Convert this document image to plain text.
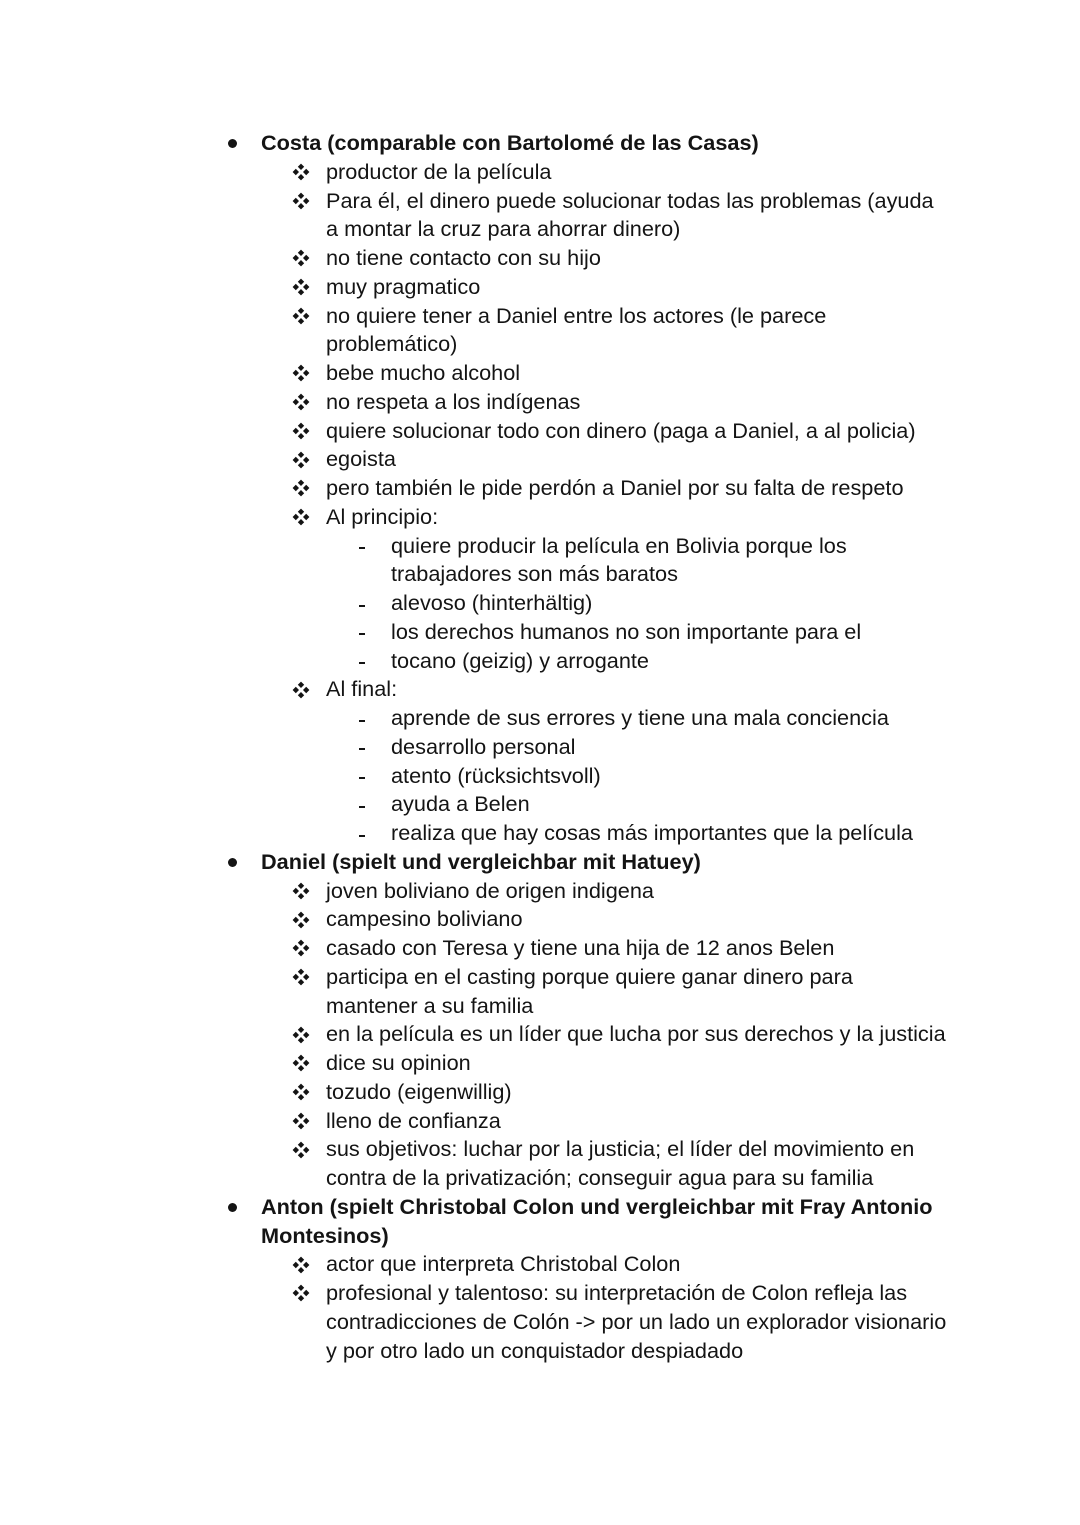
Costa (comparable con Bartolomé de las Casas)
productor de la película
Para él, el dinero puede solucionar todas las problemas (ayuda
a montar la cruz para ahorrar dinero)
no tiene contacto con su hijo
muy pragmatico
no quiere tener a Daniel entre los actores (le parece
problemático)
bebe mucho alcohol
no respeta a los indígenas
quiere solucionar todo con dinero (paga a Daniel, a al policia)
egoista
pero también le pide perdón a Daniel por su falta de respeto
Al principio:
quiere producir la película en Bolivia porque los
trabajadores son más baratos
alevoso (hinterhältig)
los derechos humanos no son importante para el
tocano (geizig) y arrogante
Al final:
aprende de sus errores y tiene una mala conciencia
desarrollo personal
atento (rücksichtsvoll)
ayuda a Belen
realiza que hay cosas más importantes que la película
Daniel (spielt und vergleichbar mit Hatuey)
joven boliviano de origen indigena
campesino boliviano
casado con Teresa y tiene una hija de 12 anos Belen
participa en el casting porque quiere ganar dinero para
mantener a su familia
en la película es un líder que lucha por sus derechos y la justicia
dice su opinion
tozudo (eigenwillig)
lleno de confianza
sus objetivos: luchar por la justicia; el líder del movimiento en
contra de la privatización; conseguir agua para su familia
Anton (spielt Christobal Colon und vergleichbar mit Fray Antonio
Montesinos)
actor que interpreta Christobal Colon
profesional y talentoso: su interpretación de Colon refleja las
contradicciones de Colón -> por un lado un explorador visionario
y por otro lado un conquistador despiadado
